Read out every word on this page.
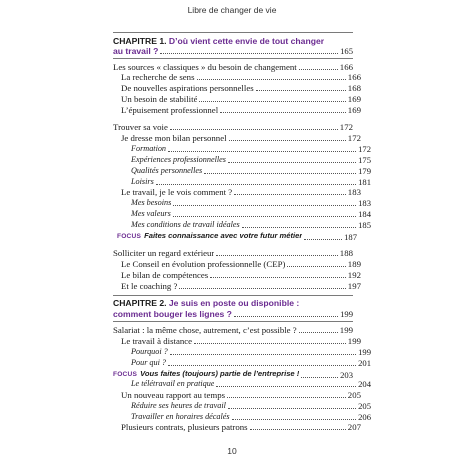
Libre de changer de vie
CHAPITRE 1. D’où vient cette envie de tout changer
au travail ?	165
Les sources « classiques » du besoin de changement	166
La recherche de sens	166
De nouvelles aspirations personnelles	168
Un besoin de stabilité	169
L’épuisement professionnel	169
Trouver sa voie	172
Je dresse mon bilan personnel	172
Formation	172
Expériences professionnelles	175
Qualités personnelles	179
Loisirs	181
Le travail, je le vois comment ?	183
Mes besoins	183
Mes valeurs	184
Mes conditions de travail idéales	185
FOCUS Faites connaissance avec votre futur métier	187
Solliciter un regard extérieur	188
Le Conseil en évolution professionnelle (CEP)	189
Le bilan de compétences	192
Et le coaching ?	197
CHAPITRE 2. Je suis en poste ou disponible :
comment bouger les lignes ?	199
Salariat : la même chose, autrement, c’est possible ?	199
Le travail à distance	199
Pourquoi ?	199
Pour qui ?	201
FOCUS Vous faites (toujours) partie de l’entreprise !	203
Le télétravail en pratique	204
Un nouveau rapport au temps	205
Réduire ses heures de travail	205
Travailler en horaires décalés	206
Plusieurs contrats, plusieurs patrons	207
10
